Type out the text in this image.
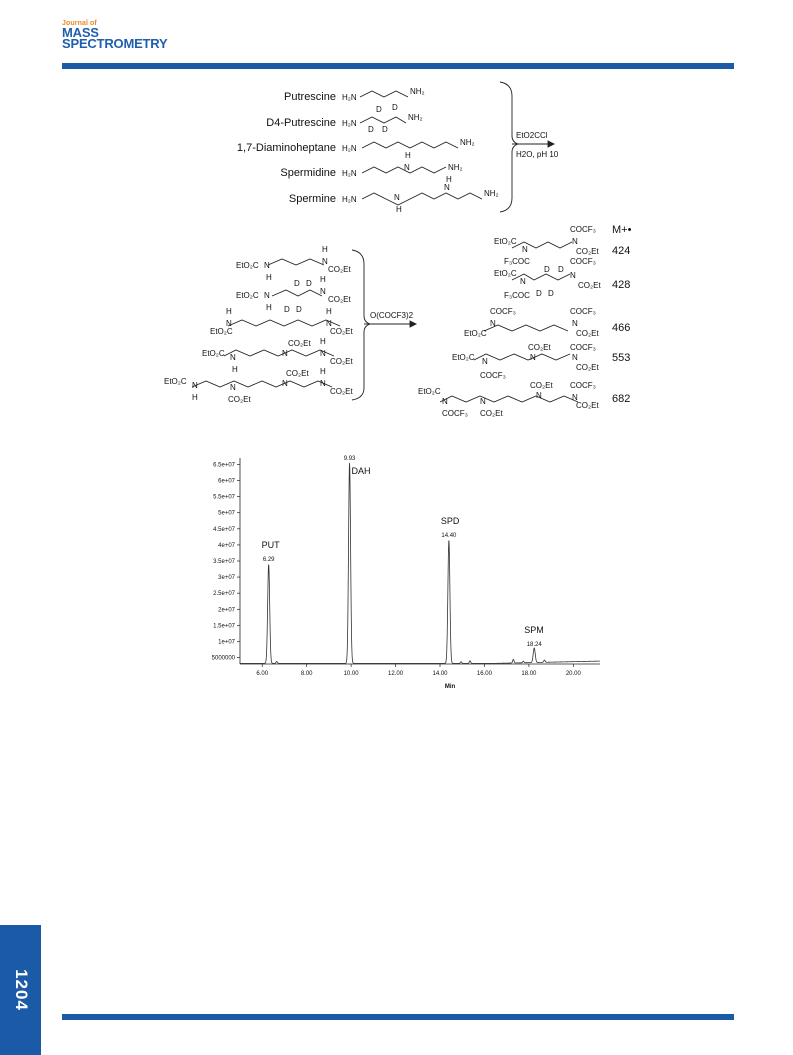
Journal of
MASS
SPECTROMETRY
Putrescine
D4-Putrescine
1,7-Diaminoheptane
Spermidine
Spermine
H₂N
NH₂
H₂N
NH₂
D D
D D
H₂N
NH₂
H₂N
NH₂
H
N
H₂N
NH₂
N
H
N
H
EtO2CCl
H2O, pH 10
EtO₂C N
H
H
N
CO₂Et
EtO₂C N
H
D D
D D
H
N
CO₂Et
H
N
EtO₂C
H
N
CO₂Et
EtO₂C N
H
CO₂Et
N
H
N
CO₂Et
EtO₂C N
H
N
CO₂Et
CO₂Et
N
H
N
CO₂Et
O(COCF3)2
COCF₃
N
CO₂Et
EtO₂C
N
F₃COC	COCF₃
N
CO₂Et
EtO₂C
N
F₃COC
D D
D D
COCF₃
N
EtO₂C
COCF₃
N
CO₂Et
EtO₂C N
COCF₃
CO₂Et
N
COCF₃
N
CO₂Et
EtO₂C
N
COCF₃
N
CO₂Et
CO₂Et
N
COCF₃
N
CO₂Et
M+•
424
428
466
553
682
5000000
1e+07
1.5e+07
2e+07
2.5e+07
3e+07
3.5e+07
4e+07
4.5e+07
5e+07
5.5e+07
6e+07
6.5e+07
6.00	8.00	10.00	12.00	14.00	16.00	18.00	20.00
6.29
PUT
9.93
DAH
14.40
SPD
18.24
SPM
Min
1204
